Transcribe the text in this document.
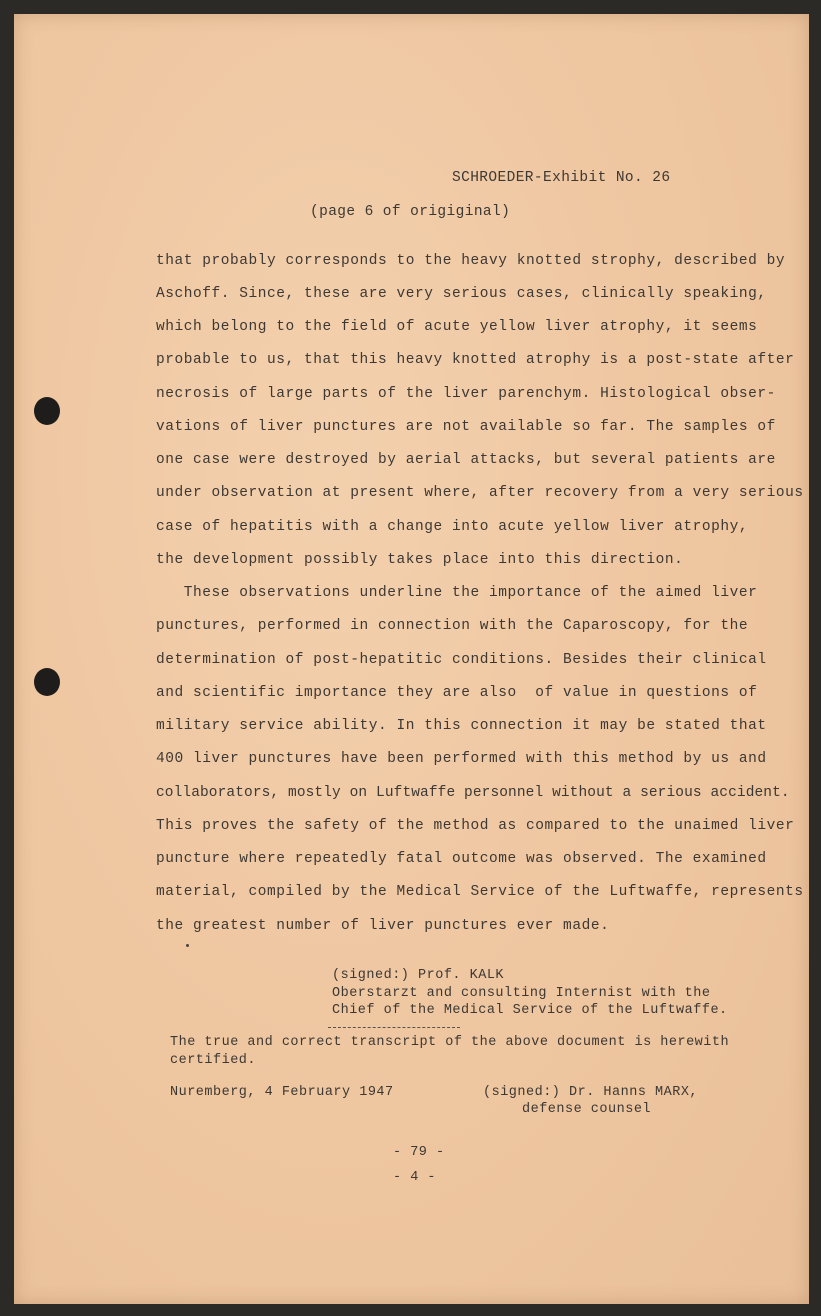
SCHROEDER-Exhibit No. 26
(page 6 of origiginal)
that probably corresponds to the heavy knotted strophy, described by
Aschoff. Since, these are very serious cases, clinically speaking,
which belong to the field of acute yellow liver atrophy, it seems
probable to us, that this heavy knotted atrophy is a post-state after
necrosis of large parts of the liver parenchym. Histological obser-
vations of liver punctures are not available so far. The samples of
one case were destroyed by aerial attacks, but several patients are
under observation at present where, after recovery from a very serious
case of hepatitis with a change into acute yellow liver atrophy,
the development possibly takes place into this direction.
These observations underline the importance of the aimed liver
punctures, performed in connection with the Caparoscopy, for the
determination of post-hepatitic conditions. Besides their clinical
and scientific importance they are also  of value in questions of
military service ability. In this connection it may be stated that
400 liver punctures have been performed with this method by us and
collaborators, mostly on Luftwaffe personnel without a serious accident.
This proves the safety of the method as compared to the unaimed liver
puncture where repeatedly fatal outcome was observed. The examined
material, compiled by the Medical Service of the Luftwaffe, represents
the greatest number of liver punctures ever made.
(signed:) Prof. KALK
Oberstarzt and consulting Internist with the
Chief of the Medical Service of the Luftwaffe.
The true and correct transcript of the above document is herewith
certified.
Nuremberg, 4 February 1947	(signed:) Dr. Hanns MARX,
defense counsel
- 79 -
- 4 -
